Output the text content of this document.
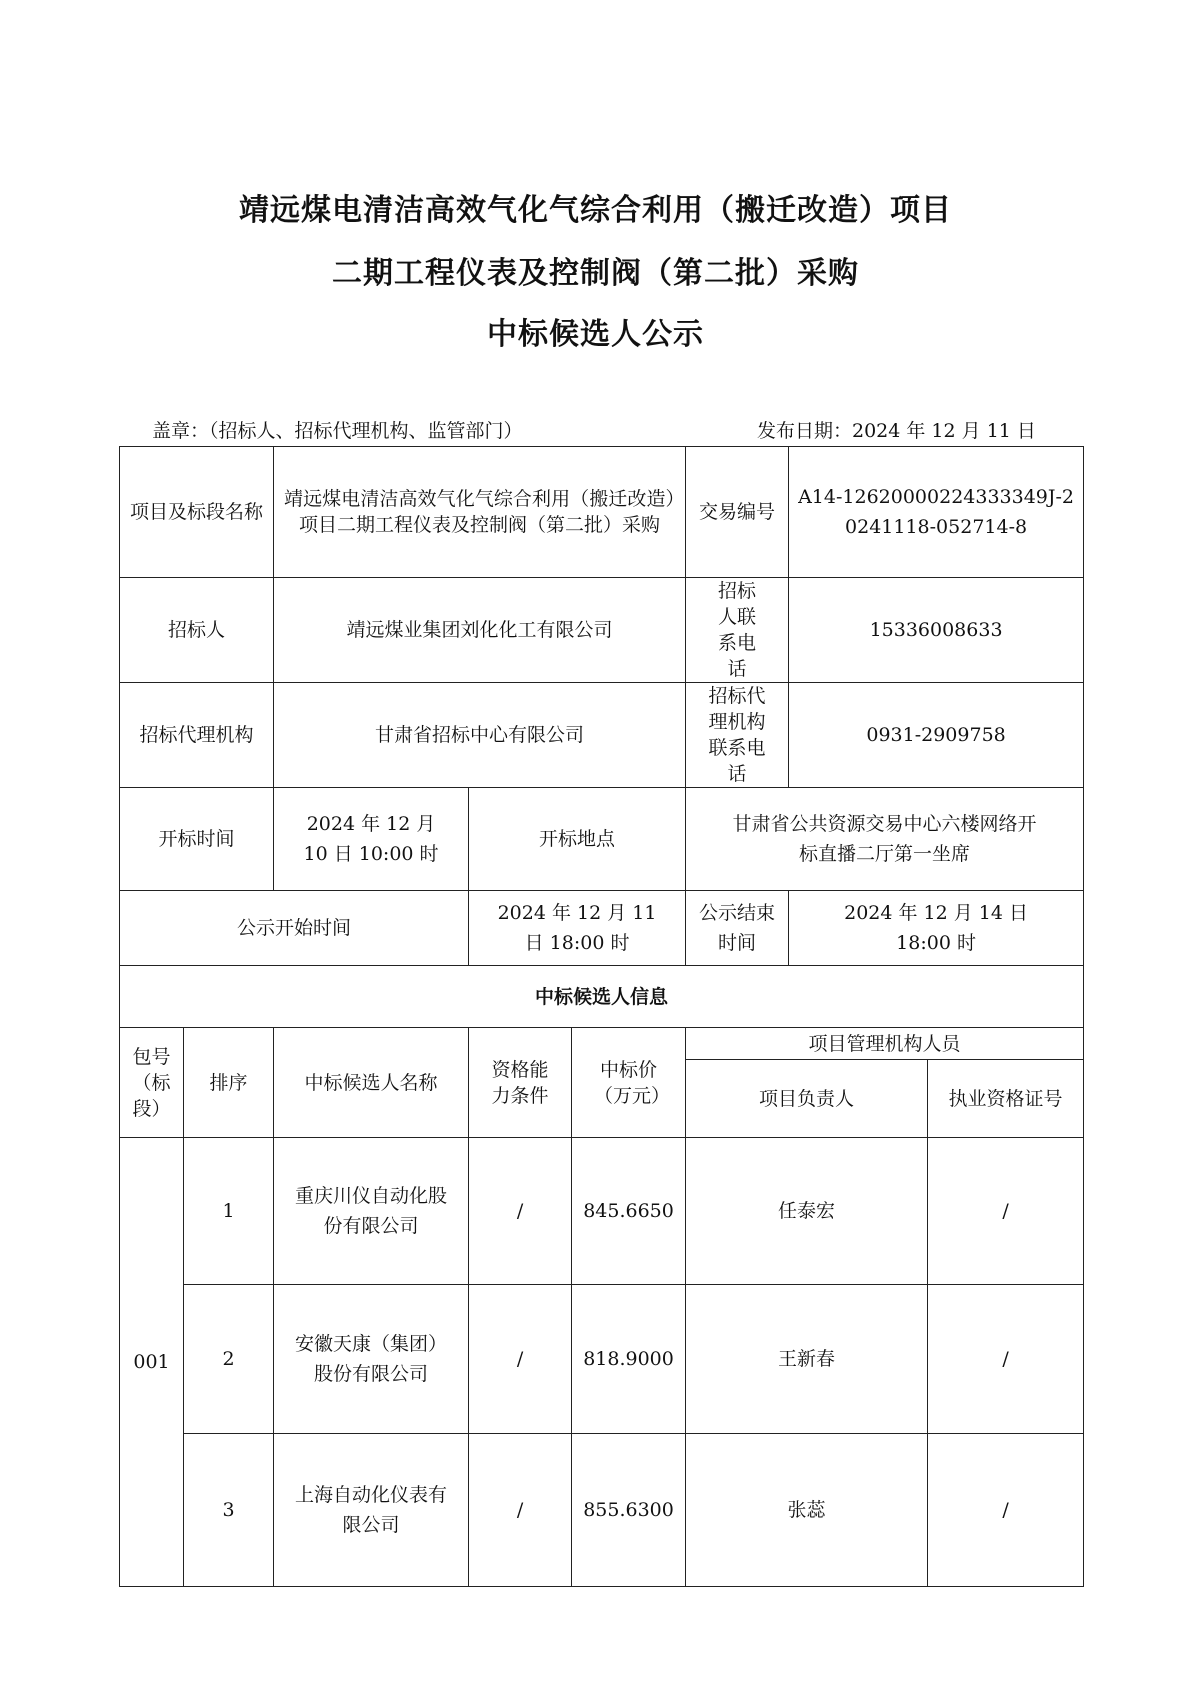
靖远煤电清洁高效气化气综合利用（搬迁改造）项目
二期工程仪表及控制阀（第二批）采购
中标候选人公示
盖章：（招标人、招标代理机构、监管部门）	发布日期：2024 年 12 月 11 日
项目及标段名称		靖远煤电清洁高效气化气综合利用（搬迁改造）项目二期工程仪表及控制阀（第二批）采购			交易编号	A14-12620000224333349J-20241118-052714-8	
招标人		靖远煤业集团刘化化工有限公司			招标人联系电话	15336008633	
招标代理机构		甘肃省招标中心有限公司			招标代理机构联系电话	0931-2909758	
开标时间		2024 年 12 月 10 日 10:00 时	开标地点		甘肃省公共资源交易中心六楼网络开标直播二厅第一坐席		
公示开始时间			2024 年 12 月 11 日 18:00 时		公示结束时间	2024 年 12 月 14 日 18:00 时	
中标候选人信息							
包号（标段）	排序	中标候选人名称	资格能力条件	中标价（万元）	项目管理机构人员		
					项目负责人		执业资格证号
001	1	重庆川仪自动化股份有限公司	/	845.6650	任泰宏		/
	2	安徽天康（集团）股份有限公司	/	818.9000	王新春		/
	3	上海自动化仪表有限公司	/	855.6300	张蕊		/
